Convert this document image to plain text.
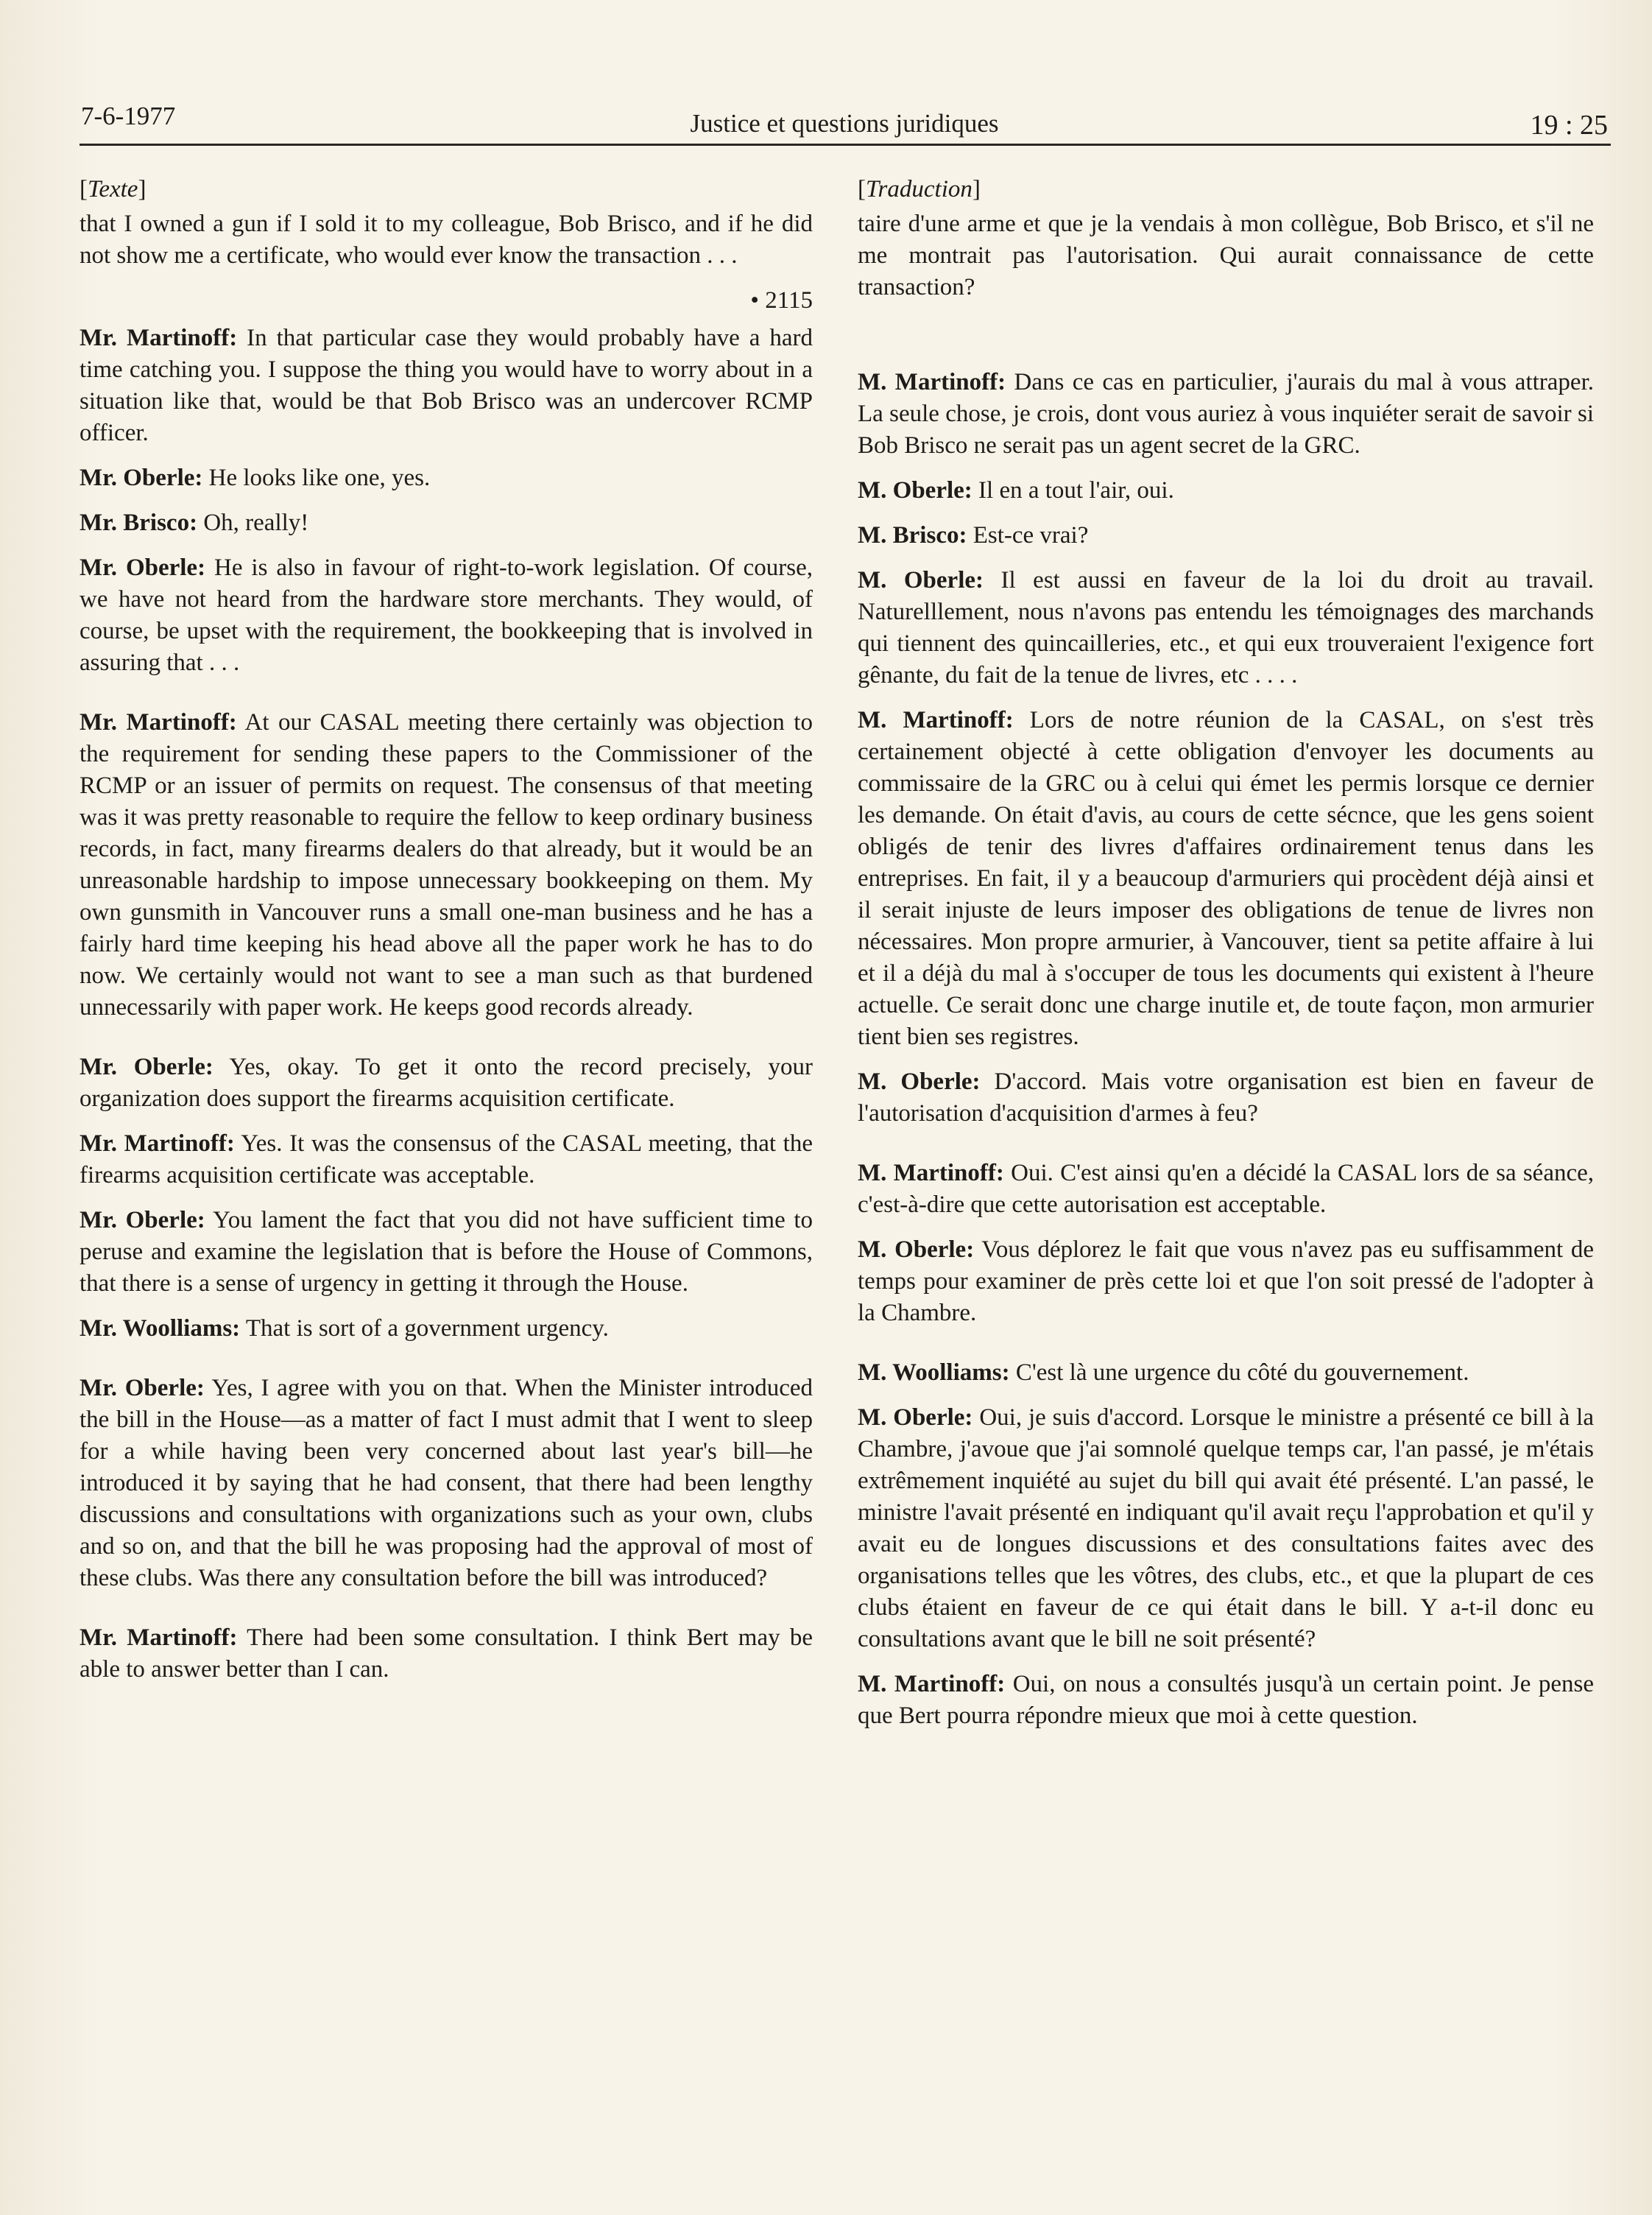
7-6-1977	Justice et questions juridiques	19 : 25
[Texte]

that I owned a gun if I sold it to my colleague, Bob Brisco, and if he did not show me a certificate, who would ever know the transaction . . .

• 2115

Mr. Martinoff: In that particular case they would probably have a hard time catching you. I suppose the thing you would have to worry about in a situation like that, would be that Bob Brisco was an undercover RCMP officer.

Mr. Oberle: He looks like one, yes.

Mr. Brisco: Oh, really!

Mr. Oberle: He is also in favour of right-to-work legislation. Of course, we have not heard from the hardware store merchants. They would, of course, be upset with the requirement, the bookkeeping that is involved in assuring that . . .

Mr. Martinoff: At our CASAL meeting there certainly was objection to the requirement for sending these papers to the Commissioner of the RCMP or an issuer of permits on request. The consensus of that meeting was it was pretty reasonable to require the fellow to keep ordinary business records, in fact, many firearms dealers do that already, but it would be an unreasonable hardship to impose unnecessary bookkeeping on them. My own gunsmith in Vancouver runs a small one-man business and he has a fairly hard time keeping his head above all the paper work he has to do now. We certainly would not want to see a man such as that burdened unnecessarily with paper work. He keeps good records already.

Mr. Oberle: Yes, okay. To get it onto the record precisely, your organization does support the firearms acquisition certificate.

Mr. Martinoff: Yes. It was the consensus of the CASAL meeting, that the firearms acquisition certificate was acceptable.

Mr. Oberle: You lament the fact that you did not have sufficient time to peruse and examine the legislation that is before the House of Commons, that there is a sense of urgency in getting it through the House.

Mr. Woolliams: That is sort of a government urgency.

Mr. Oberle: Yes, I agree with you on that. When the Minister introduced the bill in the House—as a matter of fact I must admit that I went to sleep for a while having been very concerned about last year's bill—he introduced it by saying that he had consent, that there had been lengthy discussions and consultations with organizations such as your own, clubs and so on, and that the bill he was proposing had the approval of most of these clubs. Was there any consultation before the bill was introduced?

Mr. Martinoff: There had been some consultation. I think Bert may be able to answer better than I can.

[Traduction]

taire d'une arme et que je la vendais à mon collègue, Bob Brisco, et s'il ne me montrait pas l'autorisation. Qui aurait connaissance de cette transaction?

M. Martinoff: Dans ce cas en particulier, j'aurais du mal à vous attraper. La seule chose, je crois, dont vous auriez à vous inquiéter serait de savoir si Bob Brisco ne serait pas un agent secret de la GRC.

M. Oberle: Il en a tout l'air, oui.

M. Brisco: Est-ce vrai?

M. Oberle: Il est aussi en faveur de la loi du droit au travail. Naturelllement, nous n'avons pas entendu les témoignages des marchands qui tiennent des quincailleries, etc., et qui eux trouveraient l'exigence fort gênante, du fait de la tenue de livres, etc . . . .

M. Martinoff: Lors de notre réunion de la CASAL, on s'est très certainement objecté à cette obligation d'envoyer les documents au commissaire de la GRC ou à celui qui émet les permis lorsque ce dernier les demande. On était d'avis, au cours de cette sécnce, que les gens soient obligés de tenir des livres d'affaires ordinairement tenus dans les entreprises. En fait, il y a beaucoup d'armuriers qui procèdent déjà ainsi et il serait injuste de leurs imposer des obligations de tenue de livres non nécessaires. Mon propre armurier, à Vancouver, tient sa petite affaire à lui et il a déjà du mal à s'occuper de tous les documents qui existent à l'heure actuelle. Ce serait donc une charge inutile et, de toute façon, mon armurier tient bien ses registres.

M. Oberle: D'accord. Mais votre organisation est bien en faveur de l'autorisation d'acquisition d'armes à feu?

M. Martinoff: Oui. C'est ainsi qu'en a décidé la CASAL lors de sa séance, c'est-à-dire que cette autorisation est acceptable.

M. Oberle: Vous déplorez le fait que vous n'avez pas eu suffisamment de temps pour examiner de près cette loi et que l'on soit pressé de l'adopter à la Chambre.

M. Woolliams: C'est là une urgence du côté du gouvernement.

M. Oberle: Oui, je suis d'accord. Lorsque le ministre a présenté ce bill à la Chambre, j'avoue que j'ai somnolé quelque temps car, l'an passé, je m'étais extrêmement inquiété au sujet du bill qui avait été présenté. L'an passé, le ministre l'avait présenté en indiquant qu'il avait reçu l'approbation et qu'il y avait eu de longues discussions et des consultations faites avec des organisations telles que les vôtres, des clubs, etc., et que la plupart de ces clubs étaient en faveur de ce qui était dans le bill. Y a-t-il donc eu consultations avant que le bill ne soit présenté?

M. Martinoff: Oui, on nous a consultés jusqu'à un certain point. Je pense que Bert pourra répondre mieux que moi à cette question.
